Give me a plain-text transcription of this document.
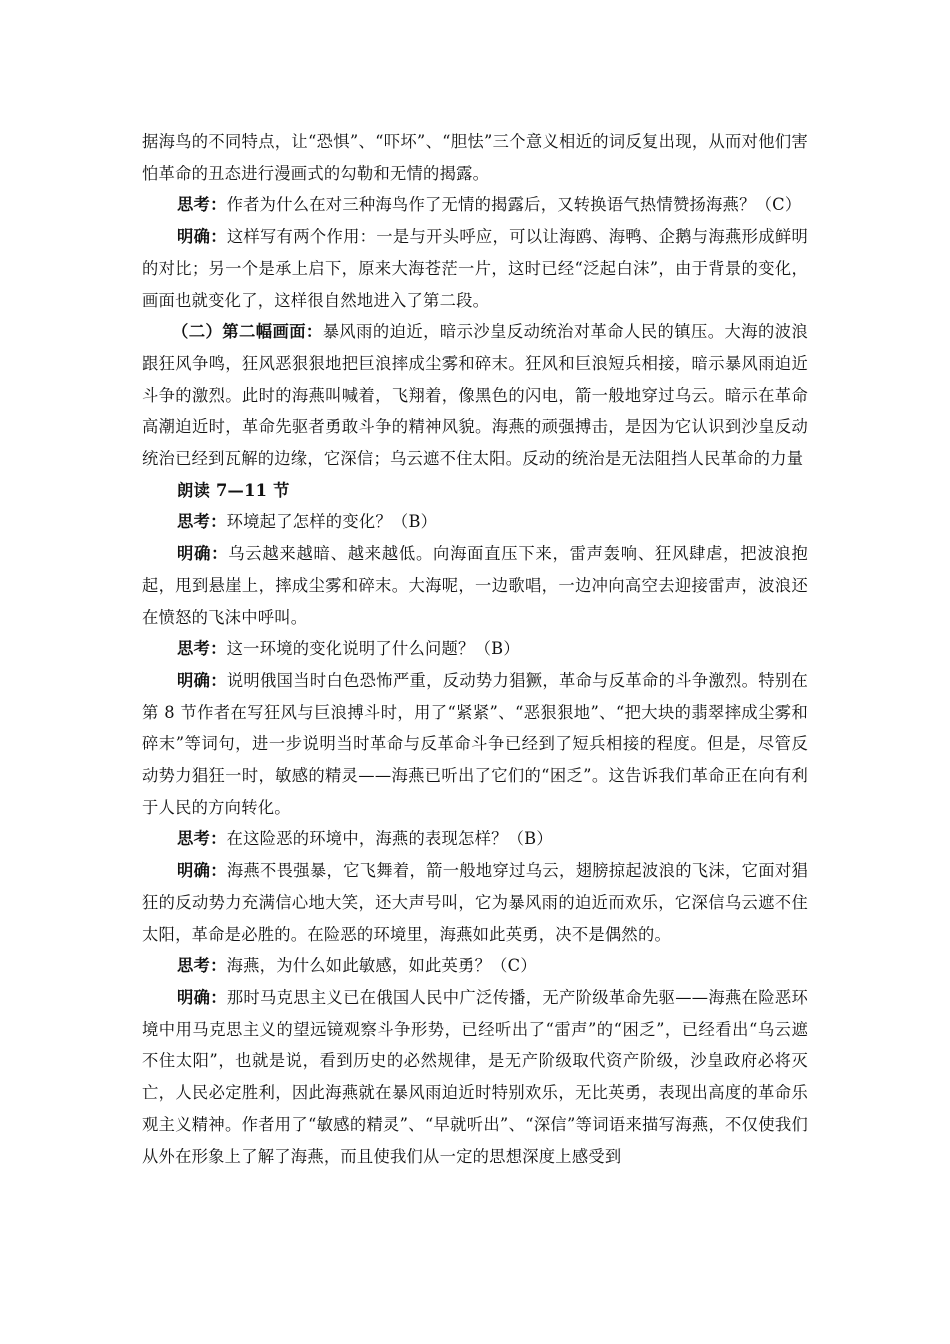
据海鸟的不同特点，让“恐惧”、“吓坏”、“胆怯”三个意义相近的词反复出现，从而对他们害怕革命的丑态进行漫画式的勾勒和无情的揭露。

思考：作者为什么在对三种海鸟作了无情的揭露后，又转换语气热情赞扬海燕？（C）

明确：这样写有两个作用：一是与开头呼应，可以让海鸥、海鸭、企鹅与海燕形成鲜明的对比；另一个是承上启下，原来大海苍茫一片，这时已经“泛起白沫”，由于背景的变化，画面也就变化了，这样很自然地进入了第二段。

（二）第二幅画面：暴风雨的迫近，暗示沙皇反动统治对革命人民的镇压。大海的波浪跟狂风争鸣，狂风恶狠狠地把巨浪摔成尘雾和碎末。狂风和巨浪短兵相接，暗示暴风雨迫近斗争的激烈。此时的海燕叫喊着，飞翔着，像黑色的闪电，箭一般地穿过乌云。暗示在革命高潮迫近时，革命先驱者勇敢斗争的精神风貌。海燕的顽强搏击，是因为它认识到沙皇反动统治已经到瓦解的边缘，它深信；乌云遮不住太阳。反动的统治是无法阻挡人民革命的力量

朗读 7—11 节

思考：环境起了怎样的变化？（B）

明确：乌云越来越暗、越来越低。向海面直压下来，雷声轰响、狂风肆虐，把波浪抱起，甩到悬崖上，摔成尘雾和碎末。大海呢，一边歌唱，一边冲向高空去迎接雷声，波浪还在愤怒的飞沫中呼叫。

思考：这一环境的变化说明了什么问题？（B）

明确：说明俄国当时白色恐怖严重，反动势力猖獗，革命与反革命的斗争激烈。特别在第 8 节作者在写狂风与巨浪搏斗时，用了“紧紧”、“恶狠狠地”、“把大块的翡翠摔成尘雾和碎末”等词句，进一步说明当时革命与反革命斗争已经到了短兵相接的程度。但是，尽管反动势力猖狂一时，敏感的精灵——海燕已听出了它们的“困乏”。这告诉我们革命正在向有利于人民的方向转化。

思考：在这险恶的环境中，海燕的表现怎样？（B）

明确：海燕不畏强暴，它飞舞着，箭一般地穿过乌云，翅膀掠起波浪的飞沫，它面对猖狂的反动势力充满信心地大笑，还大声号叫，它为暴风雨的迫近而欢乐，它深信乌云遮不住太阳，革命是必胜的。在险恶的环境里，海燕如此英勇，决不是偶然的。

思考：海燕，为什么如此敏感，如此英勇？（C）

明确：那时马克思主义已在俄国人民中广泛传播，无产阶级革命先驱——海燕在险恶环境中用马克思主义的望远镜观察斗争形势，已经听出了“雷声”的“困乏”，已经看出“乌云遮不住太阳”，也就是说，看到历史的必然规律，是无产阶级取代资产阶级，沙皇政府必将灭亡，人民必定胜利，因此海燕就在暴风雨迫近时特别欢乐，无比英勇，表现出高度的革命乐观主义精神。作者用了“敏感的精灵”、“早就听出”、“深信”等词语来描写海燕，不仅使我们从外在形象上了解了海燕，而且使我们从一定的思想深度上感受到
